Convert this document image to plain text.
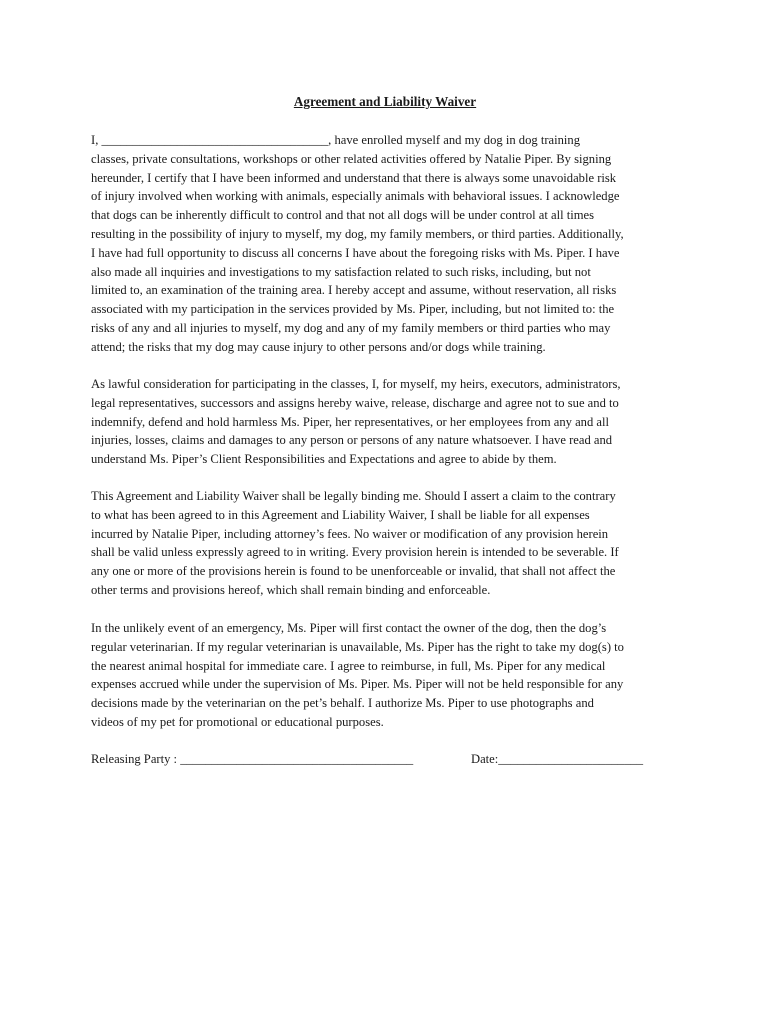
Agreement and Liability Waiver

I, ____________________________________, have enrolled myself and my dog in dog training
classes, private consultations, workshops or other related activities offered by Natalie Piper. By signing
hereunder, I certify that I have been informed and understand that there is always some unavoidable risk
of injury involved when working with animals, especially animals with behavioral issues. I acknowledge
that dogs can be inherently difficult to control and that not all dogs will be under control at all times
resulting in the possibility of injury to myself, my dog, my family members, or third parties. Additionally,
I have had full opportunity to discuss all concerns I have about the foregoing risks with Ms. Piper. I have
also made all inquiries and investigations to my satisfaction related to such risks, including, but not
limited to, an examination of the training area. I hereby accept and assume, without reservation, all risks
associated with my participation in the services provided by Ms. Piper, including, but not limited to: the
risks of any and all injuries to myself, my dog and any of my family members or third parties who may
attend; the risks that my dog may cause injury to other persons and/or dogs while training.

As lawful consideration for participating in the classes, I, for myself, my heirs, executors, administrators,
legal representatives, successors and assigns hereby waive, release, discharge and agree not to sue and to
indemnify, defend and hold harmless Ms. Piper, her representatives, or her employees from any and all
injuries, losses, claims and damages to any person or persons of any nature whatsoever. I have read and
understand Ms. Piper’s Client Responsibilities and Expectations and agree to abide by them.

This Agreement and Liability Waiver shall be legally binding me. Should I assert a claim to the contrary
to what has been agreed to in this Agreement and Liability Waiver, I shall be liable for all expenses
incurred by Natalie Piper, including attorney’s fees. No waiver or modification of any provision herein
shall be valid unless expressly agreed to in writing. Every provision herein is intended to be severable. If
any one or more of the provisions herein is found to be unenforceable or invalid, that shall not affect the
other terms and provisions hereof, which shall remain binding and enforceable.

In the unlikely event of an emergency, Ms. Piper will first contact the owner of the dog, then the dog’s
regular veterinarian. If my regular veterinarian is unavailable, Ms. Piper has the right to take my dog(s) to
the nearest animal hospital for immediate care. I agree to reimburse, in full, Ms. Piper for any medical
expenses accrued while under the supervision of Ms. Piper. Ms. Piper will not be held responsible for any
decisions made by the veterinarian on the pet’s behalf. I authorize Ms. Piper to use photographs and
videos of my pet for promotional or educational purposes.

Releasing Party : _____________________________________	Date:_______________________
